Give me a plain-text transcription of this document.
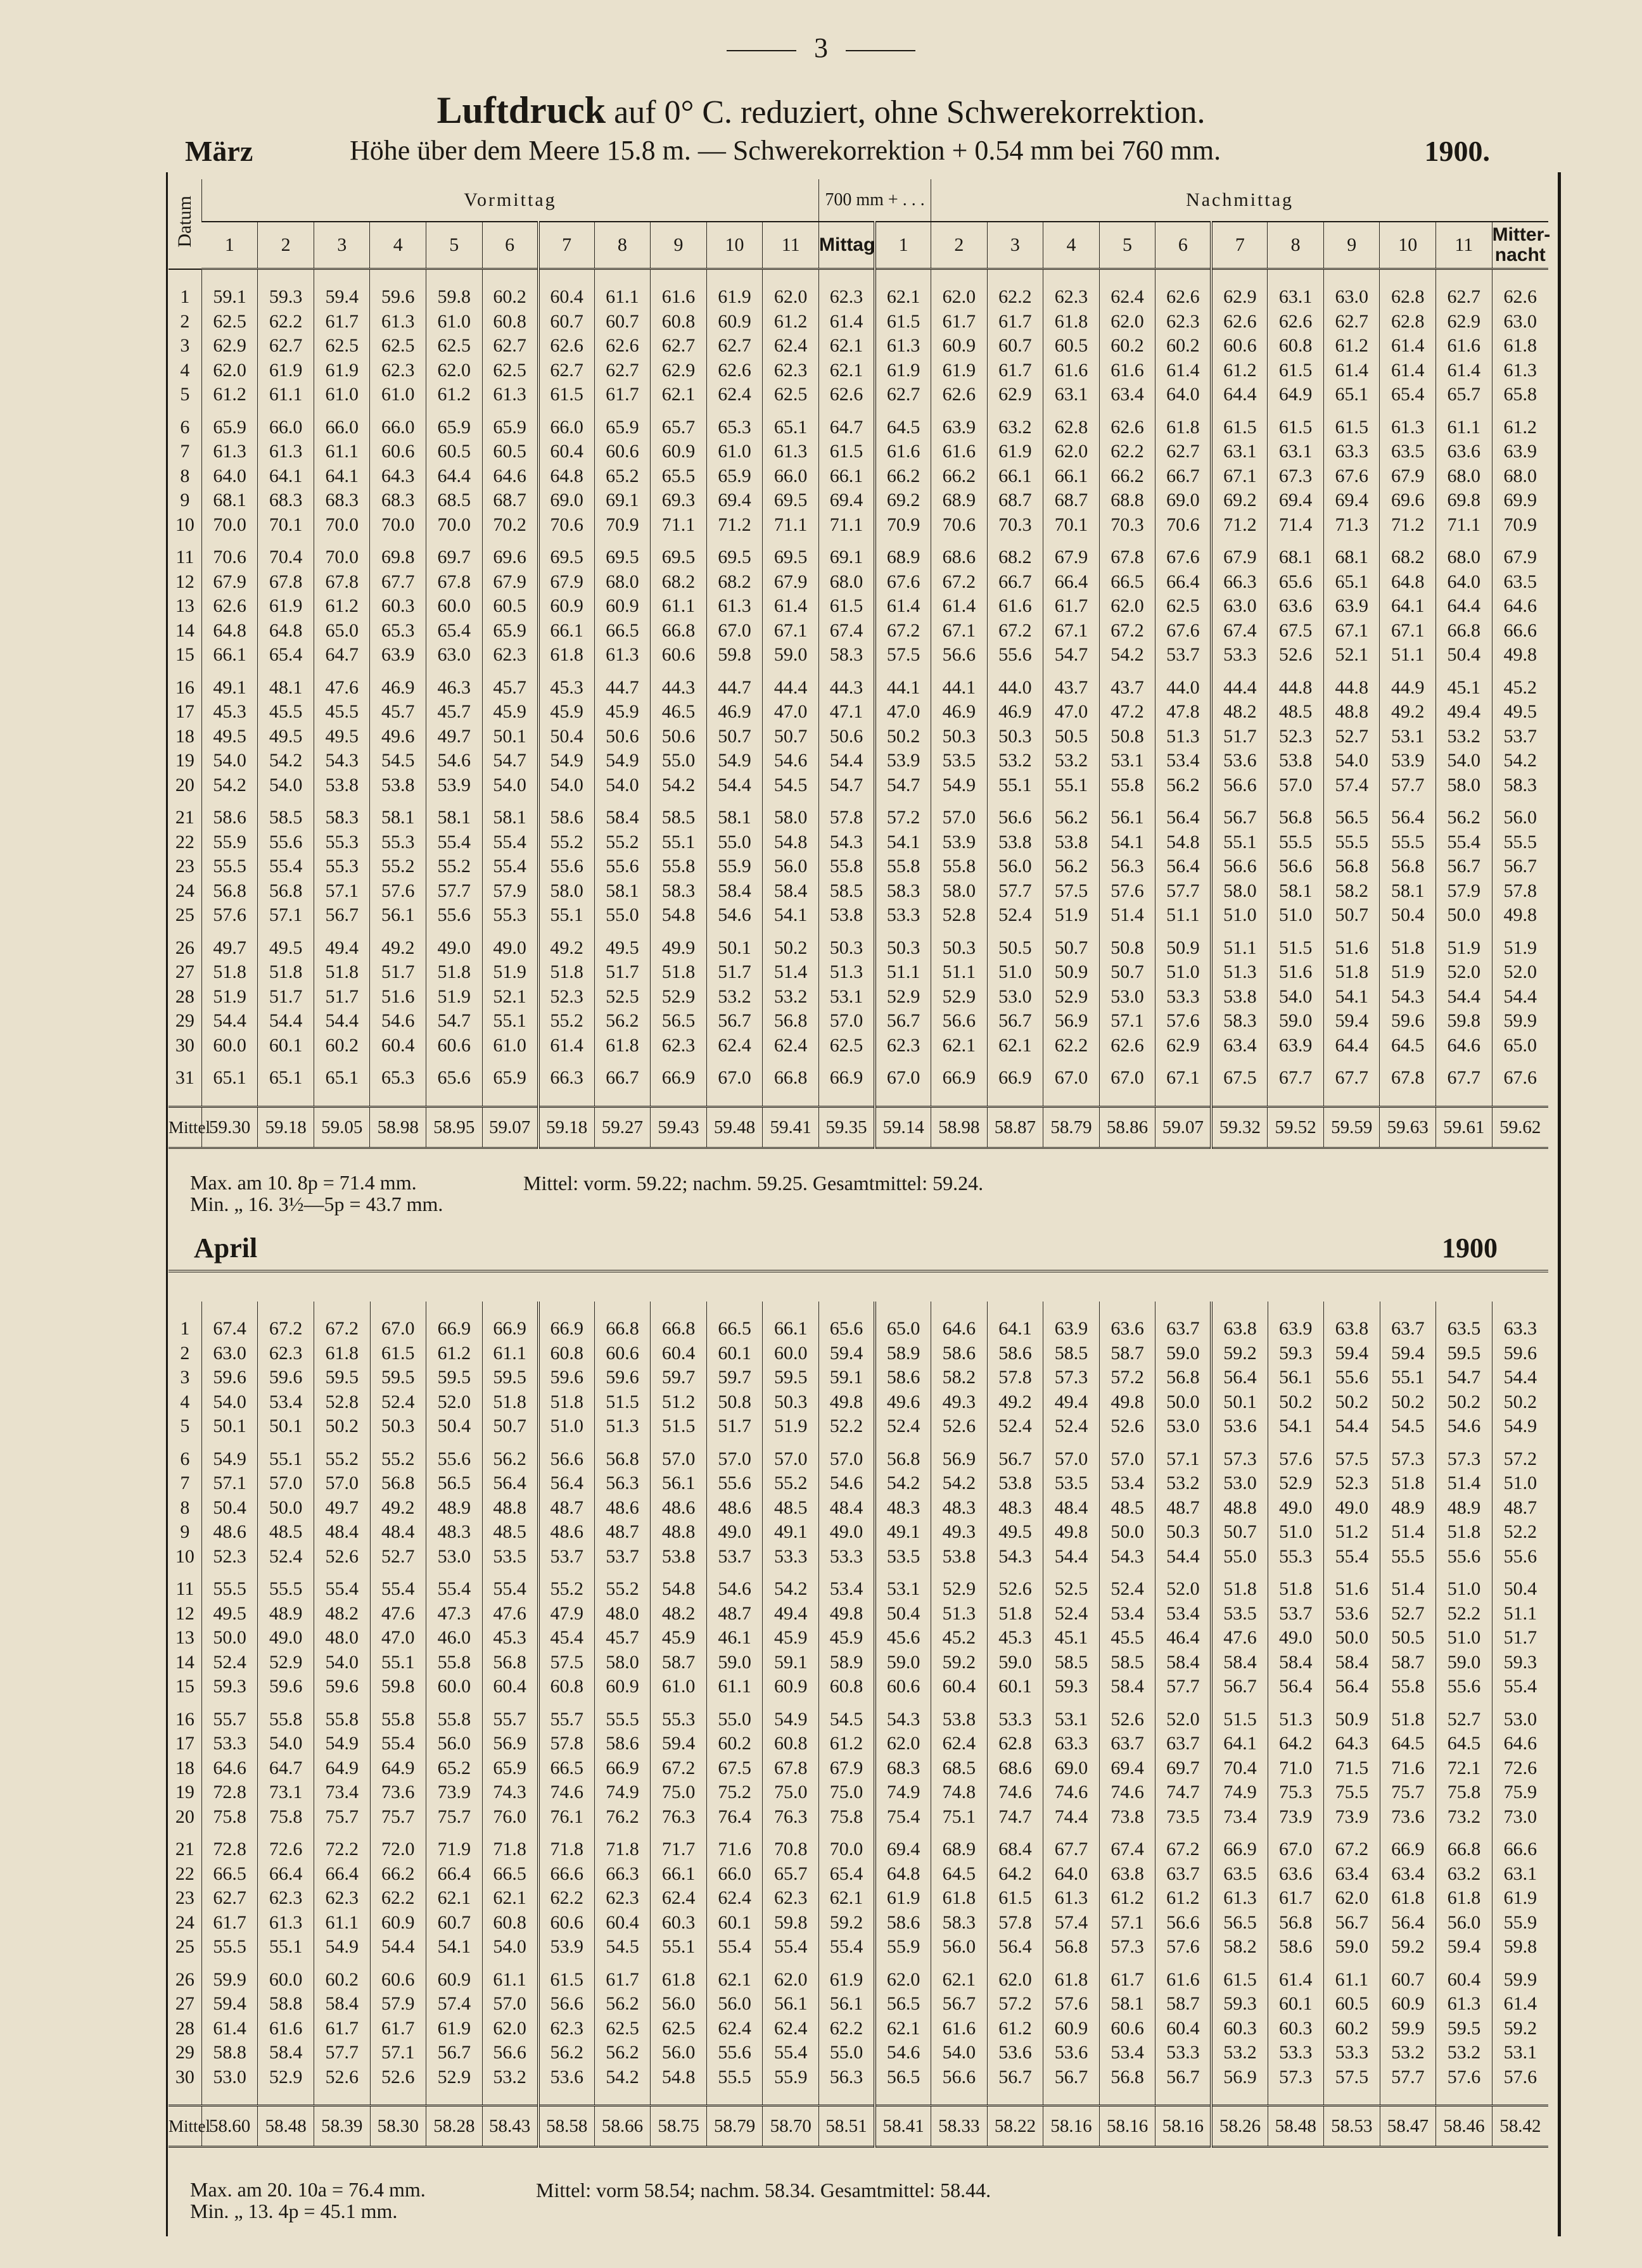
3
Luftdruck auf 0° C. reduziert, ohne Schwerekorrektion.
März	Höhe über dem Meere 15.8 m. — Schwerekorrektion + 0.54 mm bei 760 mm.	1900.
Datum	Vormittag											700 mm + . . .		Nachmittag										
	1	2	3	4	5	6	7	8	9	10	11	Mittag	1	2	3	4	5	6	7	8	9	10	11	Mitter- nacht

1	59.1	59.3	59.4	59.6	59.8	60.2	60.4	61.1	61.6	61.9	62.0	62.3	62.1	62.0	62.2	62.3	62.4	62.6	62.9	63.1	63.0	62.8	62.7	62.6
2	62.5	62.2	61.7	61.3	61.0	60.8	60.7	60.7	60.8	60.9	61.2	61.4	61.5	61.7	61.7	61.8	62.0	62.3	62.6	62.6	62.7	62.8	62.9	63.0
3	62.9	62.7	62.5	62.5	62.5	62.7	62.6	62.6	62.7	62.7	62.4	62.1	61.3	60.9	60.7	60.5	60.2	60.2	60.6	60.8	61.2	61.4	61.6	61.8
4	62.0	61.9	61.9	62.3	62.0	62.5	62.7	62.7	62.9	62.6	62.3	62.1	61.9	61.9	61.7	61.6	61.6	61.4	61.2	61.5	61.4	61.4	61.4	61.3
5	61.2	61.1	61.0	61.0	61.2	61.3	61.5	61.7	62.1	62.4	62.5	62.6	62.7	62.6	62.9	63.1	63.4	64.0	64.4	64.9	65.1	65.4	65.7	65.8
6	65.9	66.0	66.0	66.0	65.9	65.9	66.0	65.9	65.7	65.3	65.1	64.7	64.5	63.9	63.2	62.8	62.6	61.8	61.5	61.5	61.5	61.3	61.1	61.2
7	61.3	61.3	61.1	60.6	60.5	60.5	60.4	60.6	60.9	61.0	61.3	61.5	61.6	61.6	61.9	62.0	62.2	62.7	63.1	63.1	63.3	63.5	63.6	63.9
8	64.0	64.1	64.1	64.3	64.4	64.6	64.8	65.2	65.5	65.9	66.0	66.1	66.2	66.2	66.1	66.1	66.2	66.7	67.1	67.3	67.6	67.9	68.0	68.0
9	68.1	68.3	68.3	68.3	68.5	68.7	69.0	69.1	69.3	69.4	69.5	69.4	69.2	68.9	68.7	68.7	68.8	69.0	69.2	69.4	69.4	69.6	69.8	69.9
10	70.0	70.1	70.0	70.0	70.0	70.2	70.6	70.9	71.1	71.2	71.1	71.1	70.9	70.6	70.3	70.1	70.3	70.6	71.2	71.4	71.3	71.2	71.1	70.9
11	70.6	70.4	70.0	69.8	69.7	69.6	69.5	69.5	69.5	69.5	69.5	69.1	68.9	68.6	68.2	67.9	67.8	67.6	67.9	68.1	68.1	68.2	68.0	67.9
12	67.9	67.8	67.8	67.7	67.8	67.9	67.9	68.0	68.2	68.2	67.9	68.0	67.6	67.2	66.7	66.4	66.5	66.4	66.3	65.6	65.1	64.8	64.0	63.5
13	62.6	61.9	61.2	60.3	60.0	60.5	60.9	60.9	61.1	61.3	61.4	61.5	61.4	61.4	61.6	61.7	62.0	62.5	63.0	63.6	63.9	64.1	64.4	64.6
14	64.8	64.8	65.0	65.3	65.4	65.9	66.1	66.5	66.8	67.0	67.1	67.4	67.2	67.1	67.2	67.1	67.2	67.6	67.4	67.5	67.1	67.1	66.8	66.6
15	66.1	65.4	64.7	63.9	63.0	62.3	61.8	61.3	60.6	59.8	59.0	58.3	57.5	56.6	55.6	54.7	54.2	53.7	53.3	52.6	52.1	51.1	50.4	49.8
16	49.1	48.1	47.6	46.9	46.3	45.7	45.3	44.7	44.3	44.7	44.4	44.3	44.1	44.1	44.0	43.7	43.7	44.0	44.4	44.8	44.8	44.9	45.1	45.2
17	45.3	45.5	45.5	45.7	45.7	45.9	45.9	45.9	46.5	46.9	47.0	47.1	47.0	46.9	46.9	47.0	47.2	47.8	48.2	48.5	48.8	49.2	49.4	49.5
18	49.5	49.5	49.5	49.6	49.7	50.1	50.4	50.6	50.6	50.7	50.7	50.6	50.2	50.3	50.3	50.5	50.8	51.3	51.7	52.3	52.7	53.1	53.2	53.7
19	54.0	54.2	54.3	54.5	54.6	54.7	54.9	54.9	55.0	54.9	54.6	54.4	53.9	53.5	53.2	53.2	53.1	53.4	53.6	53.8	54.0	53.9	54.0	54.2
20	54.2	54.0	53.8	53.8	53.9	54.0	54.0	54.0	54.2	54.4	54.5	54.7	54.7	54.9	55.1	55.1	55.8	56.2	56.6	57.0	57.4	57.7	58.0	58.3
21	58.6	58.5	58.3	58.1	58.1	58.1	58.6	58.4	58.5	58.1	58.0	57.8	57.2	57.0	56.6	56.2	56.1	56.4	56.7	56.8	56.5	56.4	56.2	56.0
22	55.9	55.6	55.3	55.3	55.4	55.4	55.2	55.2	55.1	55.0	54.8	54.3	54.1	53.9	53.8	53.8	54.1	54.8	55.1	55.5	55.5	55.5	55.4	55.5
23	55.5	55.4	55.3	55.2	55.2	55.4	55.6	55.6	55.8	55.9	56.0	55.8	55.8	55.8	56.0	56.2	56.3	56.4	56.6	56.6	56.8	56.8	56.7	56.7
24	56.8	56.8	57.1	57.6	57.7	57.9	58.0	58.1	58.3	58.4	58.4	58.5	58.3	58.0	57.7	57.5	57.6	57.7	58.0	58.1	58.2	58.1	57.9	57.8
25	57.6	57.1	56.7	56.1	55.6	55.3	55.1	55.0	54.8	54.6	54.1	53.8	53.3	52.8	52.4	51.9	51.4	51.1	51.0	51.0	50.7	50.4	50.0	49.8
26	49.7	49.5	49.4	49.2	49.0	49.0	49.2	49.5	49.9	50.1	50.2	50.3	50.3	50.3	50.5	50.7	50.8	50.9	51.1	51.5	51.6	51.8	51.9	51.9
27	51.8	51.8	51.8	51.7	51.8	51.9	51.8	51.7	51.8	51.7	51.4	51.3	51.1	51.1	51.0	50.9	50.7	51.0	51.3	51.6	51.8	51.9	52.0	52.0
28	51.9	51.7	51.7	51.6	51.9	52.1	52.3	52.5	52.9	53.2	53.2	53.1	52.9	52.9	53.0	52.9	53.0	53.3	53.8	54.0	54.1	54.3	54.4	54.4
29	54.4	54.4	54.4	54.6	54.7	55.1	55.2	56.2	56.5	56.7	56.8	57.0	56.7	56.6	56.7	56.9	57.1	57.6	58.3	59.0	59.4	59.6	59.8	59.9
30	60.0	60.1	60.2	60.4	60.6	61.0	61.4	61.8	62.3	62.4	62.4	62.5	62.3	62.1	62.1	62.2	62.6	62.9	63.4	63.9	64.4	64.5	64.6	65.0
31	65.1	65.1	65.1	65.3	65.6	65.9	66.3	66.7	66.9	67.0	66.8	66.9	67.0	66.9	66.9	67.0	67.0	67.1	67.5	67.7	67.7	67.8	67.7	67.6

Mittel	59.30	59.18	59.05	58.98	58.95	59.07	59.18	59.27	59.43	59.48	59.41	59.35	59.14	58.98	58.87	58.79	58.86	59.07	59.32	59.52	59.59	59.63	59.61	59.62
Max. am 10. 8p = 71.4 mm.
Min. „ 16. 3½—5p = 43.7 mm.
Mittel: vorm. 59.22; nachm. 59.25. Gesamtmittel: 59.24.
April	1900

1	67.4	67.2	67.2	67.0	66.9	66.9	66.9	66.8	66.8	66.5	66.1	65.6	65.0	64.6	64.1	63.9	63.6	63.7	63.8	63.9	63.8	63.7	63.5	63.3
2	63.0	62.3	61.8	61.5	61.2	61.1	60.8	60.6	60.4	60.1	60.0	59.4	58.9	58.6	58.6	58.5	58.7	59.0	59.2	59.3	59.4	59.4	59.5	59.6
3	59.6	59.6	59.5	59.5	59.5	59.5	59.6	59.6	59.7	59.7	59.5	59.1	58.6	58.2	57.8	57.3	57.2	56.8	56.4	56.1	55.6	55.1	54.7	54.4
4	54.0	53.4	52.8	52.4	52.0	51.8	51.8	51.5	51.2	50.8	50.3	49.8	49.6	49.3	49.2	49.4	49.8	50.0	50.1	50.2	50.2	50.2	50.2	50.2
5	50.1	50.1	50.2	50.3	50.4	50.7	51.0	51.3	51.5	51.7	51.9	52.2	52.4	52.6	52.4	52.4	52.6	53.0	53.6	54.1	54.4	54.5	54.6	54.9
6	54.9	55.1	55.2	55.2	55.6	56.2	56.6	56.8	57.0	57.0	57.0	57.0	56.8	56.9	56.7	57.0	57.0	57.1	57.3	57.6	57.5	57.3	57.3	57.2
7	57.1	57.0	57.0	56.8	56.5	56.4	56.4	56.3	56.1	55.6	55.2	54.6	54.2	54.2	53.8	53.5	53.4	53.2	53.0	52.9	52.3	51.8	51.4	51.0
8	50.4	50.0	49.7	49.2	48.9	48.8	48.7	48.6	48.6	48.6	48.5	48.4	48.3	48.3	48.3	48.4	48.5	48.7	48.8	49.0	49.0	48.9	48.9	48.7
9	48.6	48.5	48.4	48.4	48.3	48.5	48.6	48.7	48.8	49.0	49.1	49.0	49.1	49.3	49.5	49.8	50.0	50.3	50.7	51.0	51.2	51.4	51.8	52.2
10	52.3	52.4	52.6	52.7	53.0	53.5	53.7	53.7	53.8	53.7	53.3	53.3	53.5	53.8	54.3	54.4	54.3	54.4	55.0	55.3	55.4	55.5	55.6	55.6
11	55.5	55.5	55.4	55.4	55.4	55.4	55.2	55.2	54.8	54.6	54.2	53.4	53.1	52.9	52.6	52.5	52.4	52.0	51.8	51.8	51.6	51.4	51.0	50.4
12	49.5	48.9	48.2	47.6	47.3	47.6	47.9	48.0	48.2	48.7	49.4	49.8	50.4	51.3	51.8	52.4	53.4	53.4	53.5	53.7	53.6	52.7	52.2	51.1
13	50.0	49.0	48.0	47.0	46.0	45.3	45.4	45.7	45.9	46.1	45.9	45.9	45.6	45.2	45.3	45.1	45.5	46.4	47.6	49.0	50.0	50.5	51.0	51.7
14	52.4	52.9	54.0	55.1	55.8	56.8	57.5	58.0	58.7	59.0	59.1	58.9	59.0	59.2	59.0	58.5	58.5	58.4	58.4	58.4	58.4	58.7	59.0	59.3
15	59.3	59.6	59.6	59.8	60.0	60.4	60.8	60.9	61.0	61.1	60.9	60.8	60.6	60.4	60.1	59.3	58.4	57.7	56.7	56.4	56.4	55.8	55.6	55.4
16	55.7	55.8	55.8	55.8	55.8	55.7	55.7	55.5	55.3	55.0	54.9	54.5	54.3	53.8	53.3	53.1	52.6	52.0	51.5	51.3	50.9	51.8	52.7	53.0
17	53.3	54.0	54.9	55.4	56.0	56.9	57.8	58.6	59.4	60.2	60.8	61.2	62.0	62.4	62.8	63.3	63.7	63.7	64.1	64.2	64.3	64.5	64.5	64.6
18	64.6	64.7	64.9	64.9	65.2	65.9	66.5	66.9	67.2	67.5	67.8	67.9	68.3	68.5	68.6	69.0	69.4	69.7	70.4	71.0	71.5	71.6	72.1	72.6
19	72.8	73.1	73.4	73.6	73.9	74.3	74.6	74.9	75.0	75.2	75.0	75.0	74.9	74.8	74.6	74.6	74.6	74.7	74.9	75.3	75.5	75.7	75.8	75.9
20	75.8	75.8	75.7	75.7	75.7	76.0	76.1	76.2	76.3	76.4	76.3	75.8	75.4	75.1	74.7	74.4	73.8	73.5	73.4	73.9	73.9	73.6	73.2	73.0
21	72.8	72.6	72.2	72.0	71.9	71.8	71.8	71.8	71.7	71.6	70.8	70.0	69.4	68.9	68.4	67.7	67.4	67.2	66.9	67.0	67.2	66.9	66.8	66.6
22	66.5	66.4	66.4	66.2	66.4	66.5	66.6	66.3	66.1	66.0	65.7	65.4	64.8	64.5	64.2	64.0	63.8	63.7	63.5	63.6	63.4	63.4	63.2	63.1
23	62.7	62.3	62.3	62.2	62.1	62.1	62.2	62.3	62.4	62.4	62.3	62.1	61.9	61.8	61.5	61.3	61.2	61.2	61.3	61.7	62.0	61.8	61.8	61.9
24	61.7	61.3	61.1	60.9	60.7	60.8	60.6	60.4	60.3	60.1	59.8	59.2	58.6	58.3	57.8	57.4	57.1	56.6	56.5	56.8	56.7	56.4	56.0	55.9
25	55.5	55.1	54.9	54.4	54.1	54.0	53.9	54.5	55.1	55.4	55.4	55.4	55.9	56.0	56.4	56.8	57.3	57.6	58.2	58.6	59.0	59.2	59.4	59.8
26	59.9	60.0	60.2	60.6	60.9	61.1	61.5	61.7	61.8	62.1	62.0	61.9	62.0	62.1	62.0	61.8	61.7	61.6	61.5	61.4	61.1	60.7	60.4	59.9
27	59.4	58.8	58.4	57.9	57.4	57.0	56.6	56.2	56.0	56.0	56.1	56.1	56.5	56.7	57.2	57.6	58.1	58.7	59.3	60.1	60.5	60.9	61.3	61.4
28	61.4	61.6	61.7	61.7	61.9	62.0	62.3	62.5	62.5	62.4	62.4	62.2	62.1	61.6	61.2	60.9	60.6	60.4	60.3	60.3	60.2	59.9	59.5	59.2
29	58.8	58.4	57.7	57.1	56.7	56.6	56.2	56.2	56.0	55.6	55.4	55.0	54.6	54.0	53.6	53.6	53.4	53.3	53.2	53.3	53.3	53.2	53.2	53.1
30	53.0	52.9	52.6	52.6	52.9	53.2	53.6	54.2	54.8	55.5	55.9	56.3	56.5	56.6	56.7	56.7	56.8	56.7	56.9	57.3	57.5	57.7	57.6	57.6

Mittel	58.60	58.48	58.39	58.30	58.28	58.43	58.58	58.66	58.75	58.79	58.70	58.51	58.41	58.33	58.22	58.16	58.16	58.16	58.26	58.48	58.53	58.47	58.46	58.42
Max. am 20. 10a = 76.4 mm.
Min. „ 13. 4p = 45.1 mm.
Mittel: vorm 58.54; nachm. 58.34. Gesamtmittel: 58.44.
